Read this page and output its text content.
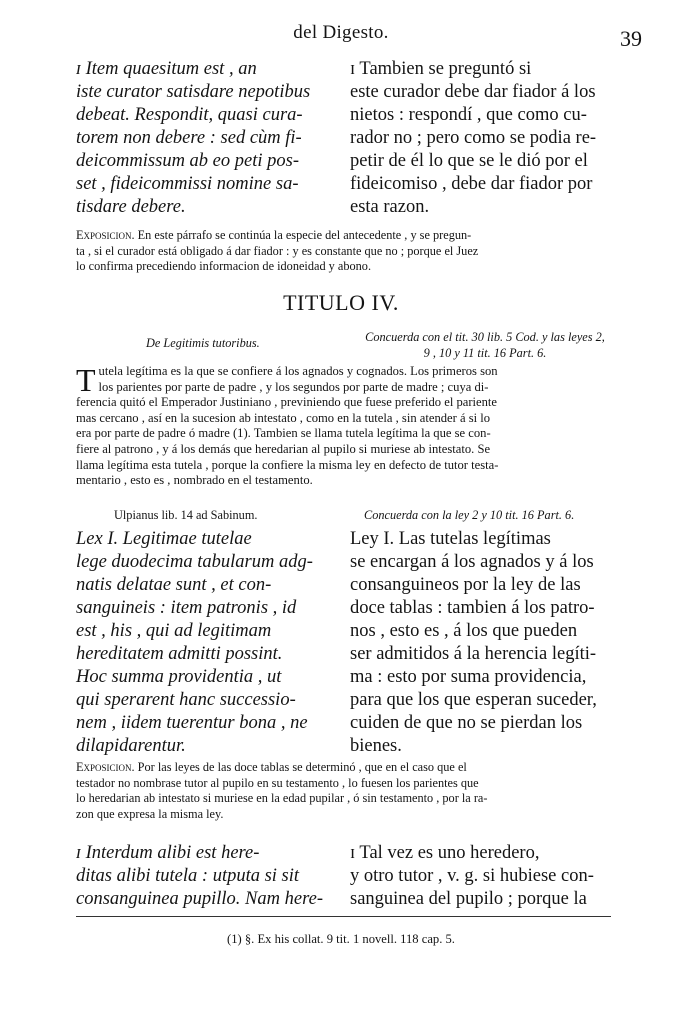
del Digesto.	39
ɪ Item quaesitum est , an
iste curator satisdare nepotibus
debeat. Respondit, quasi cura-
torem non debere : sed cùm fi-
deicommissum ab eo peti pos-
set , fideicommissi nomine sa-
tisdare debere.
ɪ Tambien se preguntó si
este curador debe dar fiador á los
nietos : respondí , que como cu-
rador no ; pero como se podia re-
petir de él lo que se le dió por el
fideicomiso , debe dar fiador por
esta razon.
Exposicion. En este párrafo se continúa la especie del antecedente , y se pregun-
ta , si el curador está obligado á dar fiador : y es constante que no ; porque el Juez
lo confirma precediendo informacion de idoneidad y abono.
TITULO IV.
De Legitimis tutoribus.	Concuerda con el tit. 30 lib. 5 Cod. y las leyes 2,
9 , 10 y 11 tit. 16 Part. 6.
T utela legítima es la que se confiere á los agnados y cognados. Los primeros son
los parientes por parte de padre , y los segundos por parte de madre ; cuya di-
ferencia quitó el Emperador Justiniano , previniendo que fuese preferido el pariente
mas cercano , así en la sucesion ab intestato , como en la tutela , sin atender á si lo
era por parte de padre ó madre (1). Tambien se llama tutela legítima la que se con-
fiere al patrono , y á los demás que heredarian al pupilo si muriese ab intestato. Se
llama legítima esta tutela , porque la confiere la misma ley en defecto de tutor testa-
mentario , esto es , nombrado en el testamento.
Ulpianus lib. 14 ad Sabinum.	Concuerda con la ley 2 y 10 tit. 16 Part. 6.
Lex I. Legitimae tutelae
lege duodecima tabularum adg-
natis delatae sunt , et con-
sanguineis : item patronis , id
est , his , qui ad legitimam
hereditatem admitti possint.
Hoc summa providentia , ut
qui sperarent hanc successio-
nem , iidem tuerentur bona , ne
dilapidarentur.
Ley I. Las tutelas legítimas
se encargan á los agnados y á los
consanguineos por la ley de las
doce tablas : tambien á los patro-
nos , esto es , á los que pueden
ser admitidos á la herencia legíti-
ma : esto por suma providencia,
para que los que esperan suceder,
cuiden de que no se pierdan los
bienes.
Exposicion. Por las leyes de las doce tablas se determinó , que en el caso que el
testador no nombrase tutor al pupilo en su testamento , lo fuesen los parientes que
lo heredarian ab intestato si muriese en la edad pupilar , ó sin testamento , por la ra-
zon que expresa la misma ley.
ɪ Interdum alibi est here-
ditas alibi tutela : utputa si sit
consanguinea pupillo. Nam here-
ɪ Tal vez es uno heredero,
y otro tutor , v. g. si hubiese con-
sanguinea del pupilo ; porque la
(1) §. Ex his collat. 9 tit. 1 novell. 118 cap. 5.
